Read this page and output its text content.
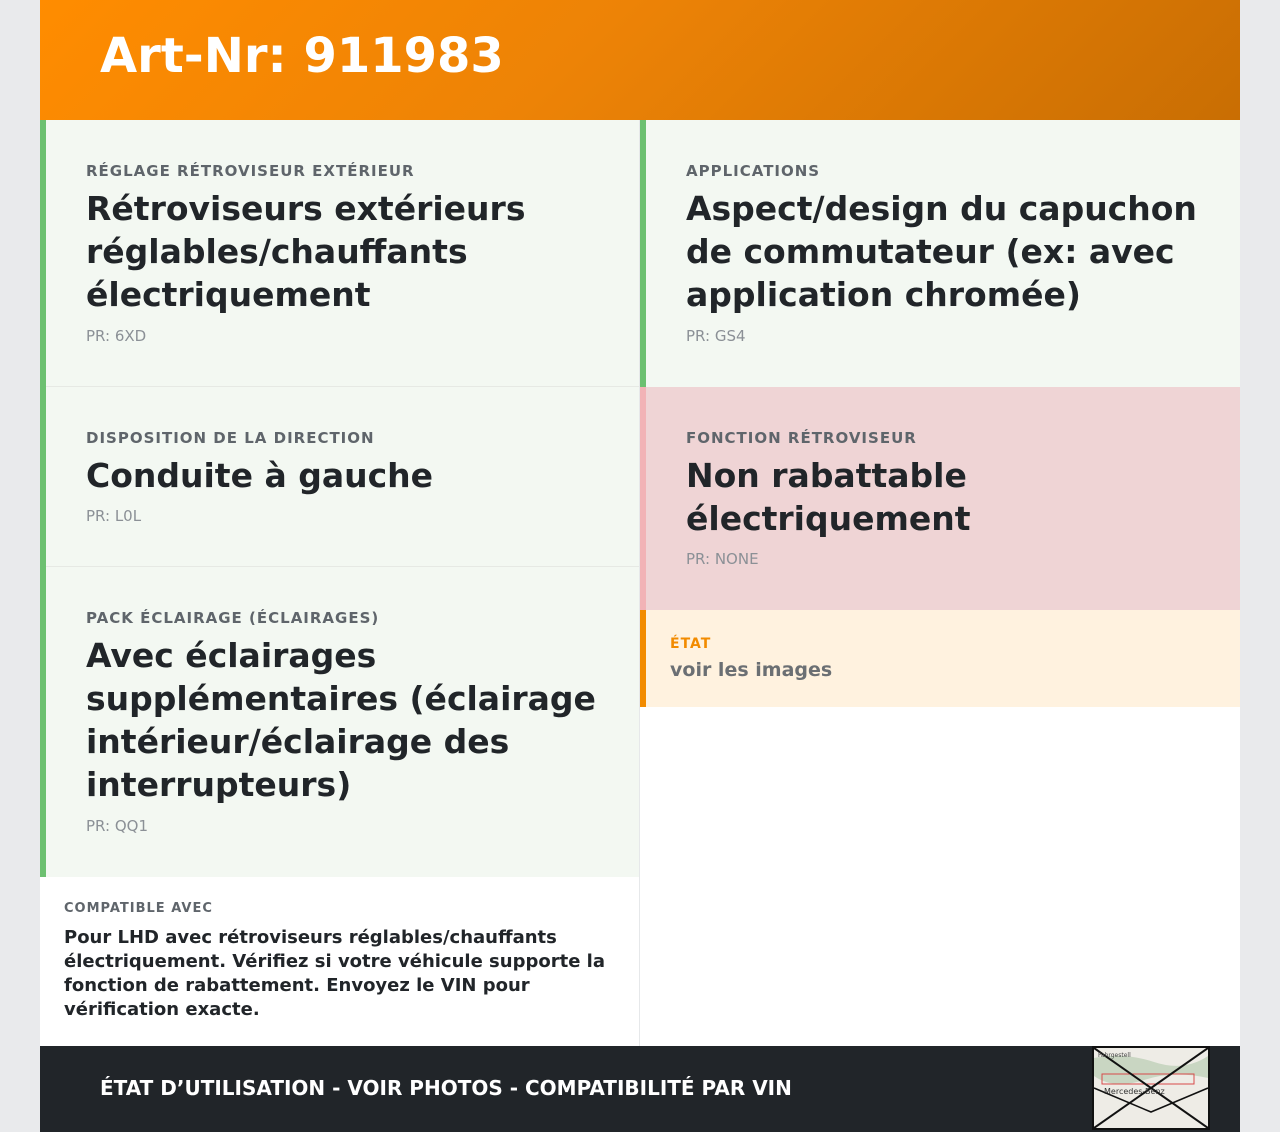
Art-Nr: 911983
RÉGLAGE RÉTROVISEUR EXTÉRIEUR

Rétroviseurs extérieurs réglables/chauffants électriquement

PR: 6XD
DISPOSITION DE LA DIRECTION

Conduite à gauche

PR: L0L
PACK ÉCLAIRAGE (ÉCLAIRAGES)

Avec éclairages supplémentaires (éclairage intérieur/éclairage des interrupteurs)

PR: QQ1
COMPATIBLE AVEC

Pour LHD avec rétroviseurs réglables/chauffants électriquement. Vérifiez si votre véhicule supporte la fonction de rabattement. Envoyez le VIN pour vérification exacte.

APPLICATIONS

Aspect/design du capuchon de commutateur (ex: avec application chromée)

PR: GS4
FONCTION RÉTROVISEUR

Non rabattable électriquement

PR: NONE
ÉTAT
voir les images
ÉTAT D’UTILISATION - VOIR PHOTOS - COMPATIBILITÉ PAR VIN
Fahrgestell
Mercedes-Benz
